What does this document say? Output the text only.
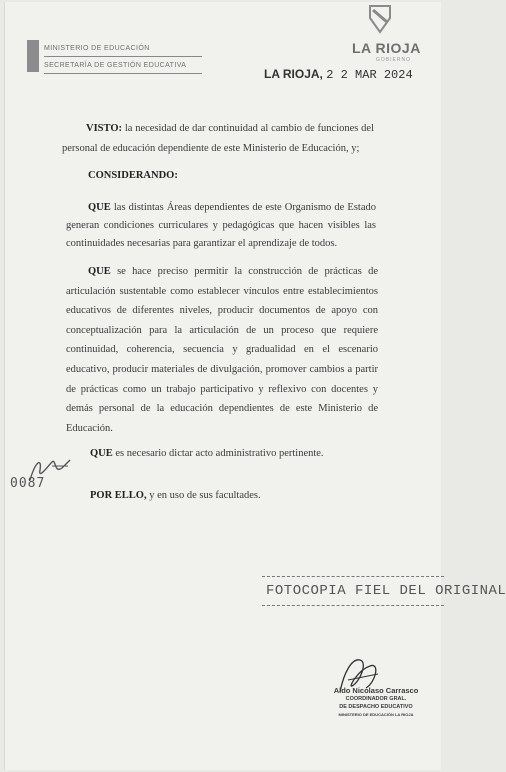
MINISTERIO DE EDUCACIÓN
SECRETARÍA DE GESTIÓN EDUCATIVA
LA RIOJA
GOBIERNO
LA RIOJA, 2 2 MAR 2024
VISTO: la necesidad de dar continuidad al cambio de funciones del personal de educación dependiente de este Ministerio de Educación, y;
CONSIDERANDO:
QUE las distintas Áreas dependientes de este Organismo de Estado generan condiciones curriculares y pedagógicas que hacen visibles las continuidades necesarias para garantizar el aprendizaje de todos.
QUE se hace preciso permitir la construcción de prácticas de articulación sustentable como establecer vínculos entre establecimientos educativos de diferentes niveles, producir documentos de apoyo con conceptualización para la articulación de un proceso que requiere continuidad, coherencia, secuencia y gradualidad en el escenario educativo, producir materiales de divulgación, promover cambios a partir de prácticas como un trabajo participativo y reflexivo con docentes y demás personal de la educación dependientes de este Ministerio de Educación.
0087
QUE es necesario dictar acto administrativo pertinente.
POR ELLO, y en uso de sus facultades.
FOTOCOPIA FIEL DEL ORIGINAL
Aldo Nicolaso Carrasco
COORDINADOR GRAL.
DE DESPACHO EDUCATIVO
MINISTERIO DE EDUCACIÓN LA RIOJA
